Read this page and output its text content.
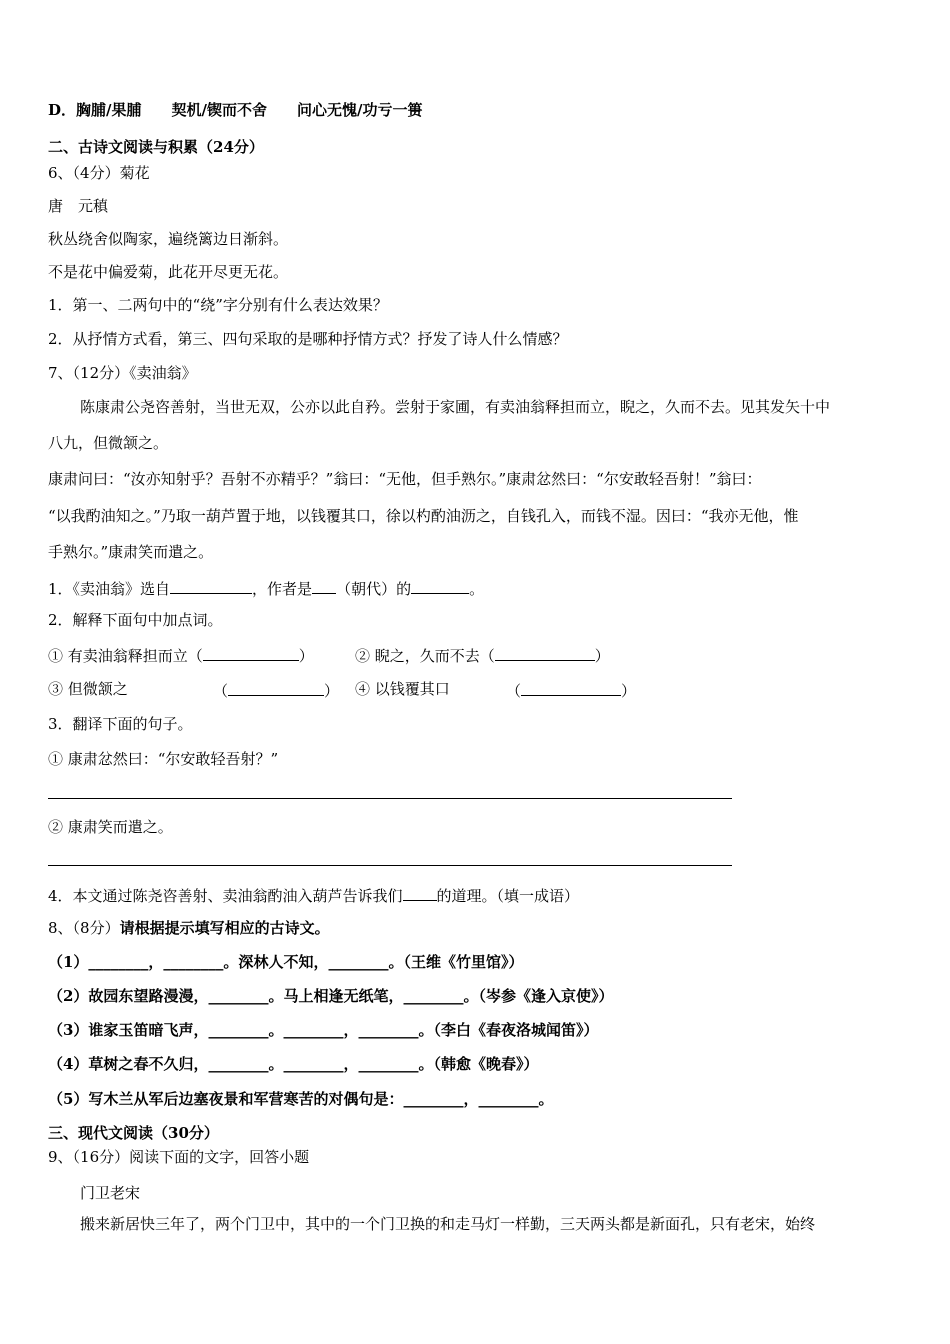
D．胸脯/果脯　　契机/锲而不舍　　问心无愧/功亏一篑
二、古诗文阅读与积累（24分）
6、（4分）菊花
唐　元稹
秋丛绕舍似陶家，遍绕篱边日渐斜。
不是花中偏爱菊，此花开尽更无花。
1．第一、二两句中的“绕”字分别有什么表达效果？
2．从抒情方式看，第三、四句采取的是哪种抒情方式？抒发了诗人什么情感？
7、（12分）《卖油翁》
陈康肃公尧咨善射，当世无双，公亦以此自矜。尝射于家圃，有卖油翁释担而立，睨之，久而不去。见其发矢十中
八九，但微颔之。
康肃问曰：“汝亦知射乎？吾射不亦精乎？”翁曰：“无他，但手熟尔。”康肃忿然曰：“尔安敢轻吾射！”翁曰：
“以我酌油知之。”乃取一葫芦置于地，以钱覆其口，徐以杓酌油沥之，自钱孔入，而钱不湿。因曰：“我亦无他，惟
手熟尔。”康肃笑而遣之。
1．《卖油翁》选自	，作者是 （朝代）的	。
2．解释下面句中加点词。
① 有卖油翁释担而立（	）	② 睨之，久而不去（	）
③ 但微颔之	（	） ④ 以钱覆其口	（	）
3．翻译下面的句子。
① 康肃忿然曰：“尔安敢轻吾射？”
② 康肃笑而遣之。
4．本文通过陈尧咨善射、卖油翁酌油入葫芦告诉我们 的道理。（填一成语）
8、（8分）请根据提示填写相应的古诗文。
（1）________，________。深林人不知，________。（王维《竹里馆》）
（2）故园东望路漫漫，________。马上相逢无纸笔，________。（岑参《逢入京使》）
（3）谁家玉笛暗飞声，________。________，________。（李白《春夜洛城闻笛》）
（4）草树之春不久归，________。________，________。（韩愈《晚春》）
（5）写木兰从军后边塞夜景和军营寒苦的对偶句是：________，________。
三、现代文阅读（30分）
9、（16分）阅读下面的文字，回答小题
门卫老宋
搬来新居快三年了，两个门卫中，其中的一个门卫换的和走马灯一样勤，三天两头都是新面孔，只有老宋，始终
